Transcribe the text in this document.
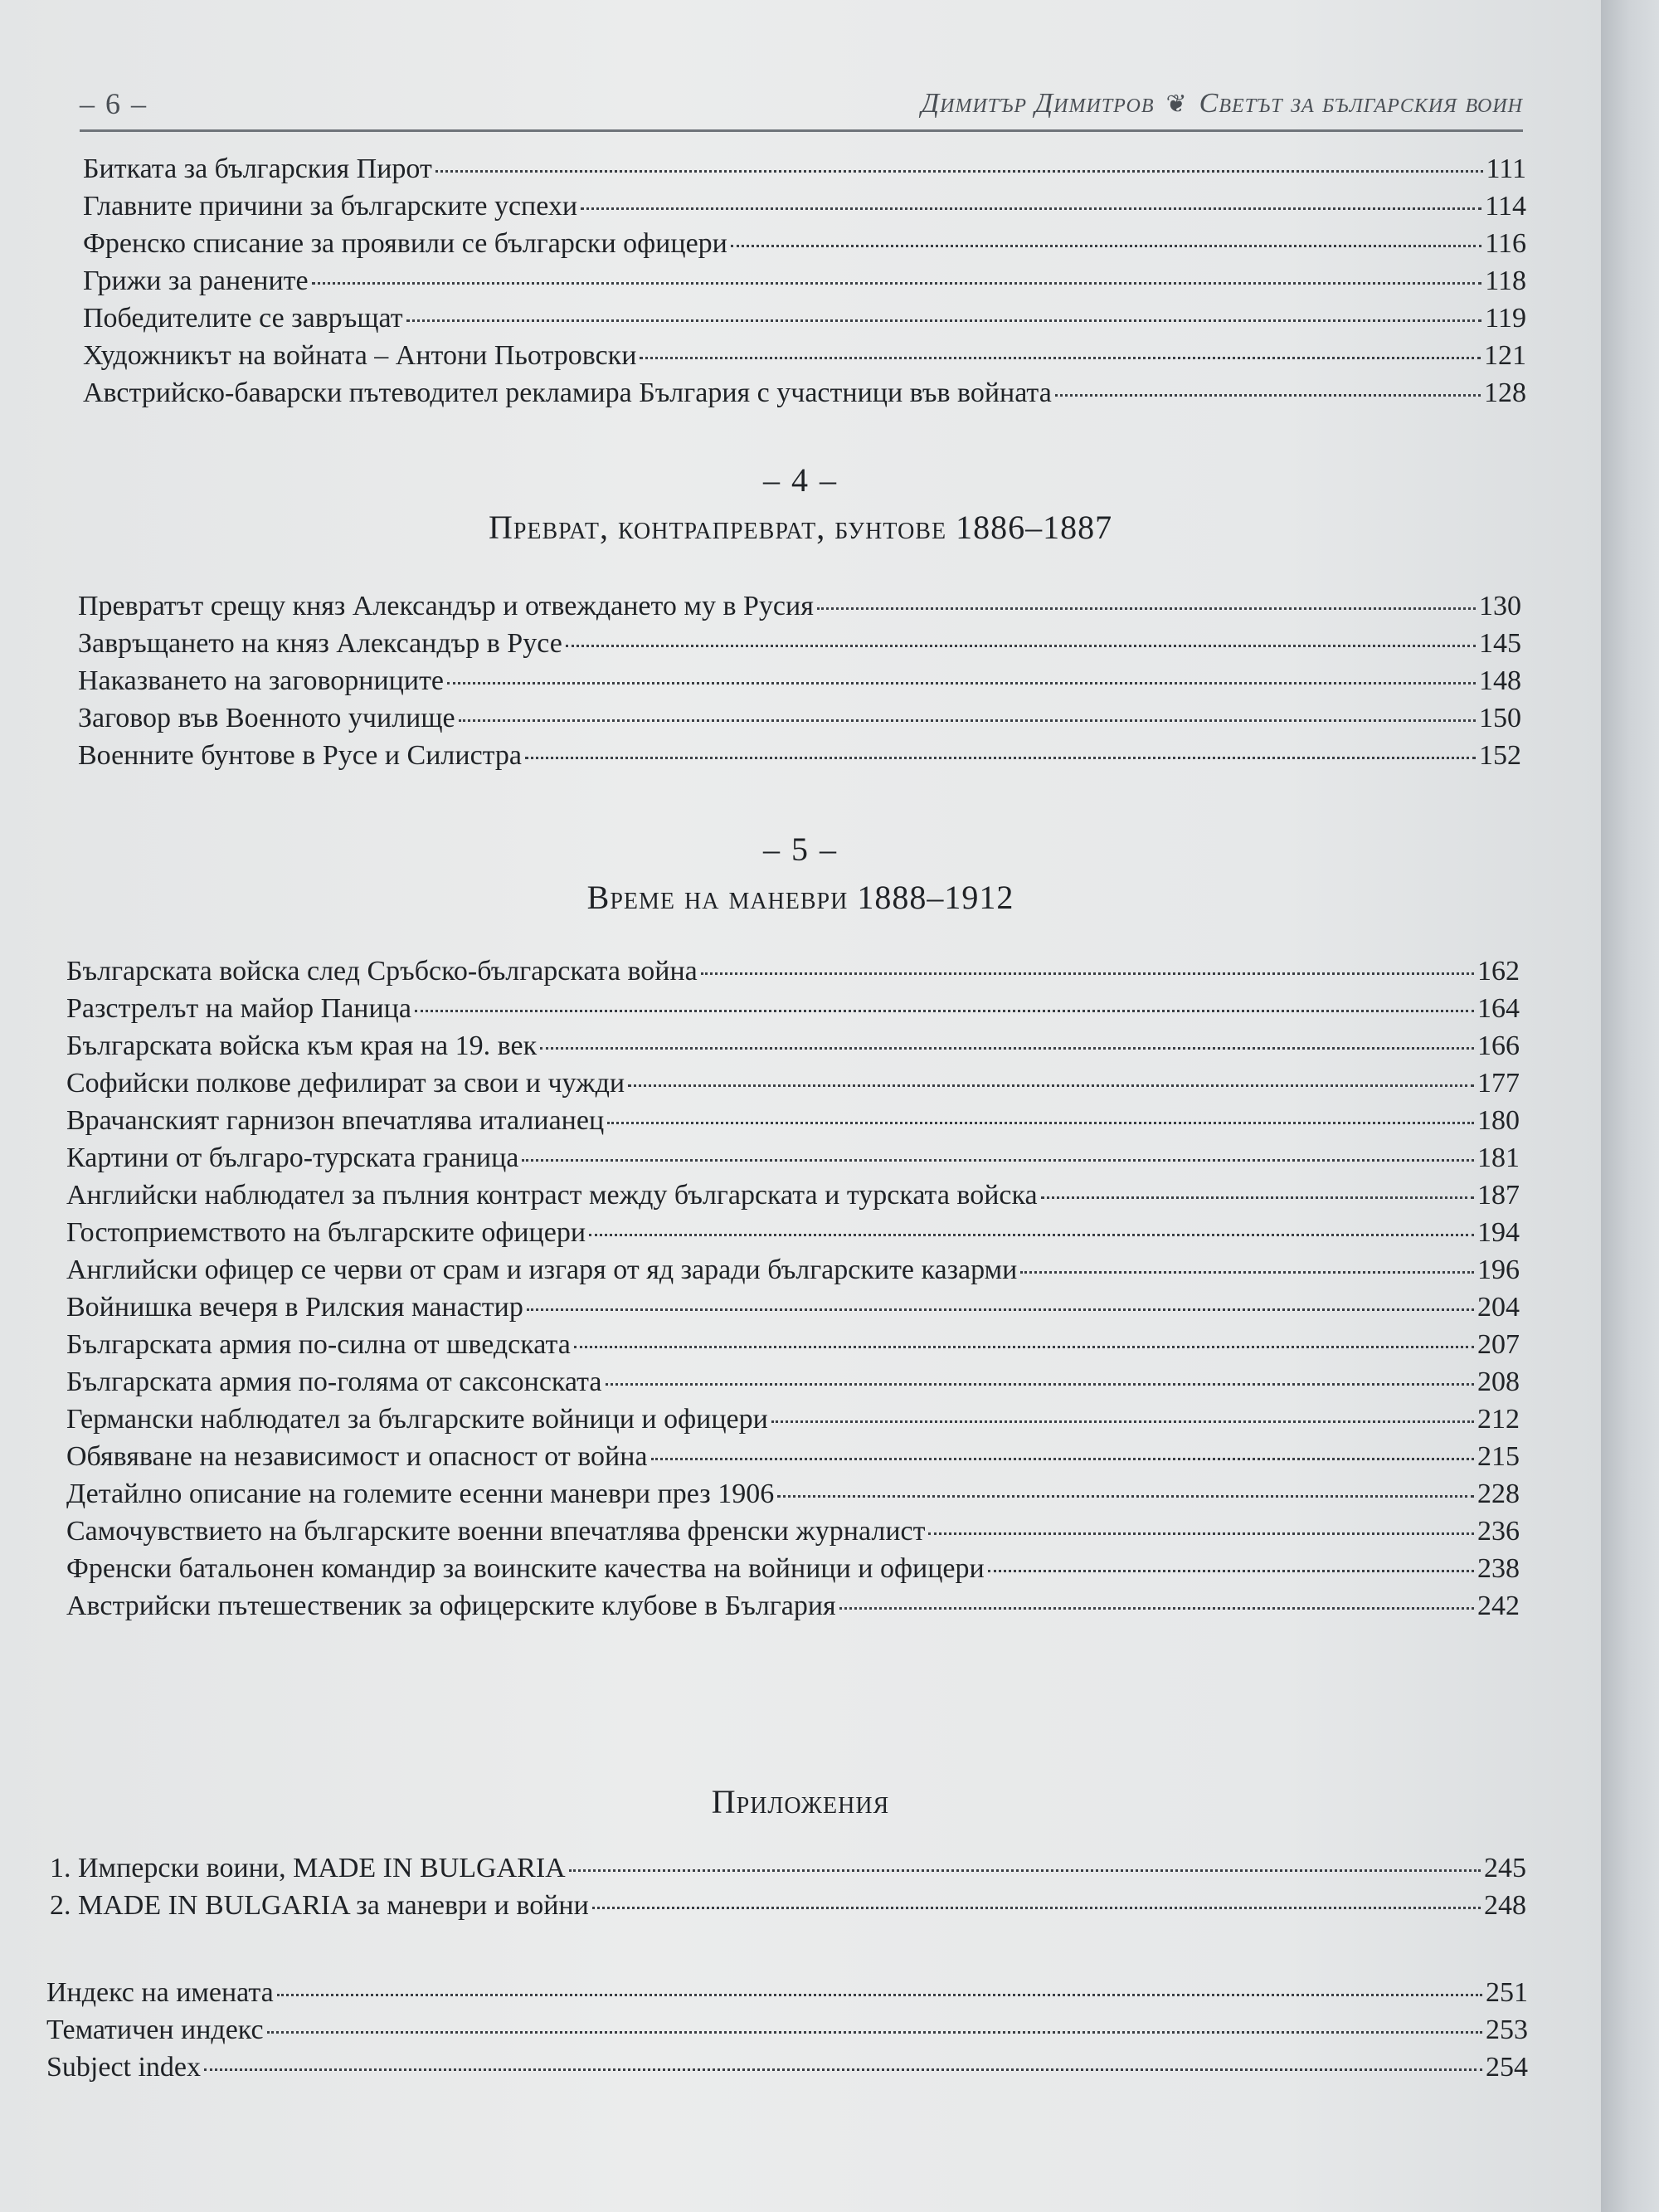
– 6 –	Димитър Димитров ❦ Светът за българския воин
Битката за българския Пирот	111
Главните причини за българските успехи	114
Френско списание за проявили се български офицери	116
Грижи за ранените	118
Победителите се завръщат	119
Художникът на войната – Антони Пьотровски	121
Австрийско-баварски пътеводител рекламира България с участници във войната	128
– 4 –
Преврат, контрапреврат, бунтове 1886–1887
Превратът срещу княз Александър и отвеждането му в Русия	130
Завръщането на княз Александър в Русе	145
Наказването на заговорниците	148
Заговор във Военното училище	150
Военните бунтове в Русе и Силистра	152
– 5 –
Време на маневри 1888–1912
Българската войска след Сръбско-българската война	162
Разстрелът на майор Паница	164
Българската войска към края на 19. век	166
Софийски полкове дефилират за свои и чужди	177
Врачанският гарнизон впечатлява италианец	180
Картини от българо-турската граница	181
Английски наблюдател за пълния контраст между българската и турската войска	187
Гостоприемството на българските офицери	194
Английски офицер се черви от срам и изгаря от яд заради българските казарми	196
Войнишка вечеря в Рилския манастир	204
Българската армия по-силна от шведската	207
Българската армия по-голяма от саксонската	208
Германски наблюдател за българските войници и офицери	212
Обявяване на независимост и опасност от война	215
Детайлно описание на големите есенни маневри през 1906	228
Самочувствието на българските военни впечатлява френски журналист	236
Френски батальонен командир за воинските качества на войници и офицери	238
Австрийски пътешественик за офицерските клубове в България	242
Приложения
1. Имперски воини, MADE IN BULGARIA	245
2. MADE IN BULGARIA за маневри и войни	248
Индекс на имената	251
Тематичен индекс	253
Subject index	254
